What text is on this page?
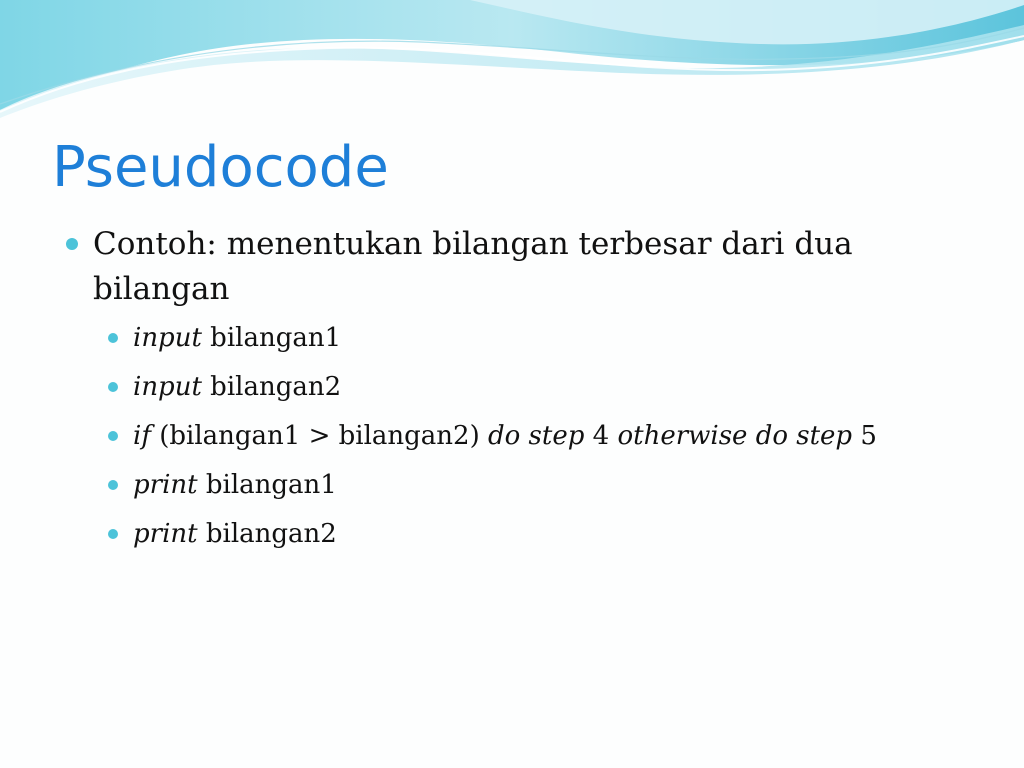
Pseudocode
Contoh: menentukan bilangan terbesar dari dua bilangan
input bilangan1
input bilangan2
if (bilangan1 > bilangan2) do step 4 otherwise do step 5
print bilangan1
print bilangan2
